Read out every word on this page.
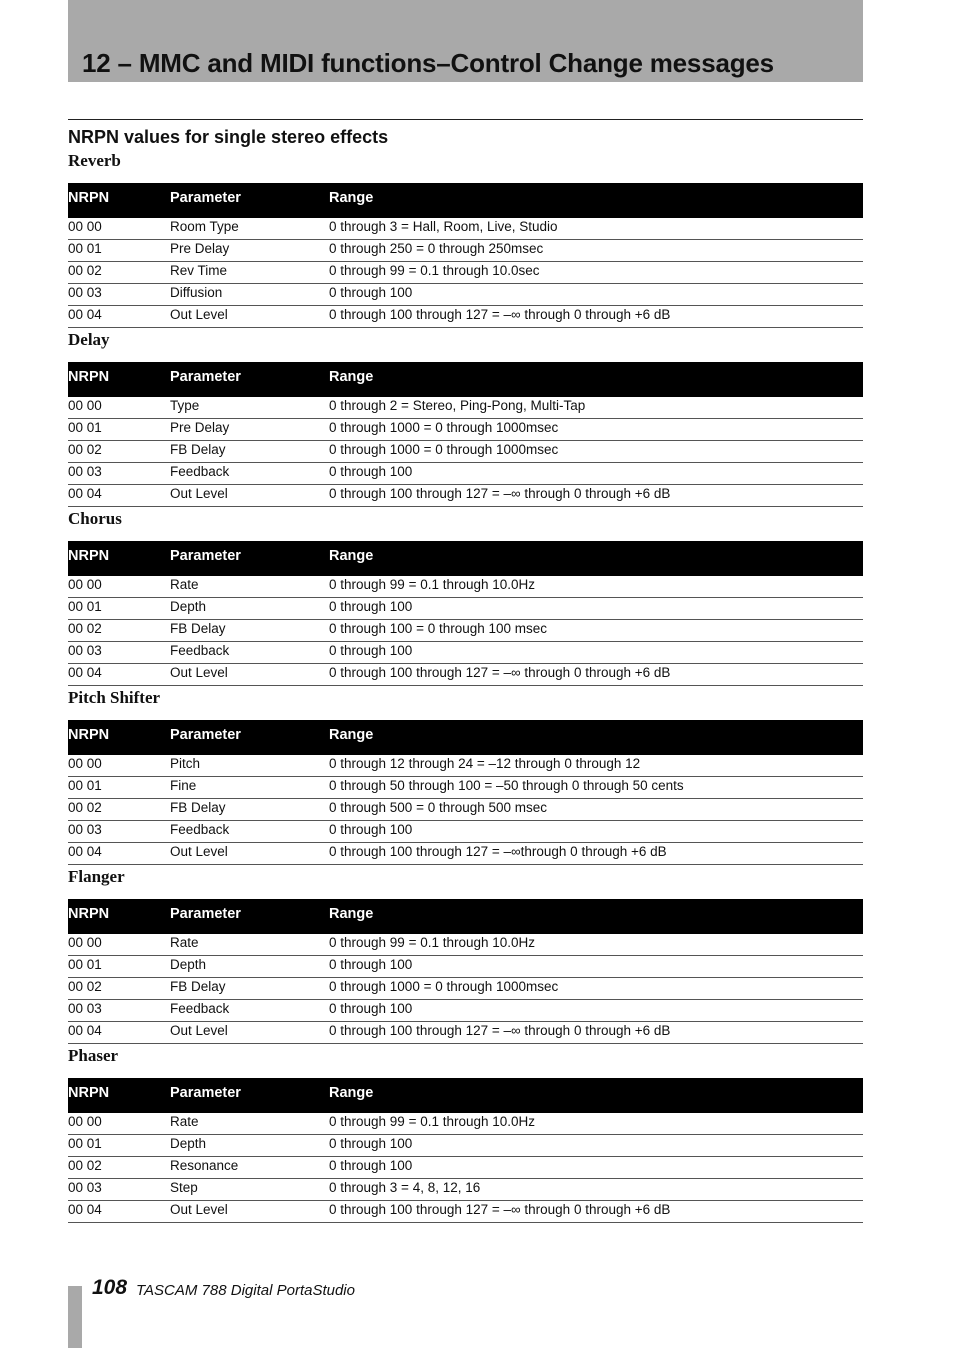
12 – MMC and MIDI functions–Control Change messages
NRPN values for single stereo effects
Reverb
NRPN	Parameter	Range
00 00	Room Type	0 through 3 = Hall, Room, Live, Studio
00 01	Pre Delay	0 through 250 = 0 through 250msec
00 02	Rev Time	0 through 99 = 0.1 through 10.0sec
00 03	Diffusion	0 through 100
00 04	Out Level	0 through 100 through 127 = –∞ through 0 through +6 dB
Delay
NRPN	Parameter	Range
00 00	Type	0 through 2 = Stereo, Ping-Pong, Multi-Tap
00 01	Pre Delay	0 through 1000 = 0 through 1000msec
00 02	FB Delay	0 through 1000 = 0 through 1000msec
00 03	Feedback	0 through 100
00 04	Out Level	0 through 100 through 127 = –∞ through 0 through +6 dB
Chorus
NRPN	Parameter	Range
00 00	Rate	0 through 99 = 0.1 through 10.0Hz
00 01	Depth	0 through 100
00 02	FB Delay	0 through 100 = 0 through 100 msec
00 03	Feedback	0 through 100
00 04	Out Level	0 through 100 through 127 = –∞ through 0 through +6 dB
Pitch Shifter
NRPN	Parameter	Range
00 00	Pitch	0 through 12 through 24 = –12 through 0 through 12
00 01	Fine	0 through 50 through 100 = –50 through 0 through 50 cents
00 02	FB Delay	0 through 500 = 0 through 500 msec
00 03	Feedback	0 through 100
00 04	Out Level	0 through 100 through 127 = –∞through 0 through +6 dB
Flanger
NRPN	Parameter	Range
00 00	Rate	0 through 99 = 0.1 through 10.0Hz
00 01	Depth	0 through 100
00 02	FB Delay	0 through 1000 = 0 through 1000msec
00 03	Feedback	0 through 100
00 04	Out Level	0 through 100 through 127 = –∞ through 0 through +6 dB
Phaser
NRPN	Parameter	Range
00 00	Rate	0 through 99 = 0.1 through 10.0Hz
00 01	Depth	0 through 100
00 02	Resonance	0 through 100
00 03	Step	0 through 3 = 4, 8, 12, 16
00 04	Out Level	0 through 100 through 127 = –∞ through 0 through +6 dB
108 TASCAM 788 Digital PortaStudio
